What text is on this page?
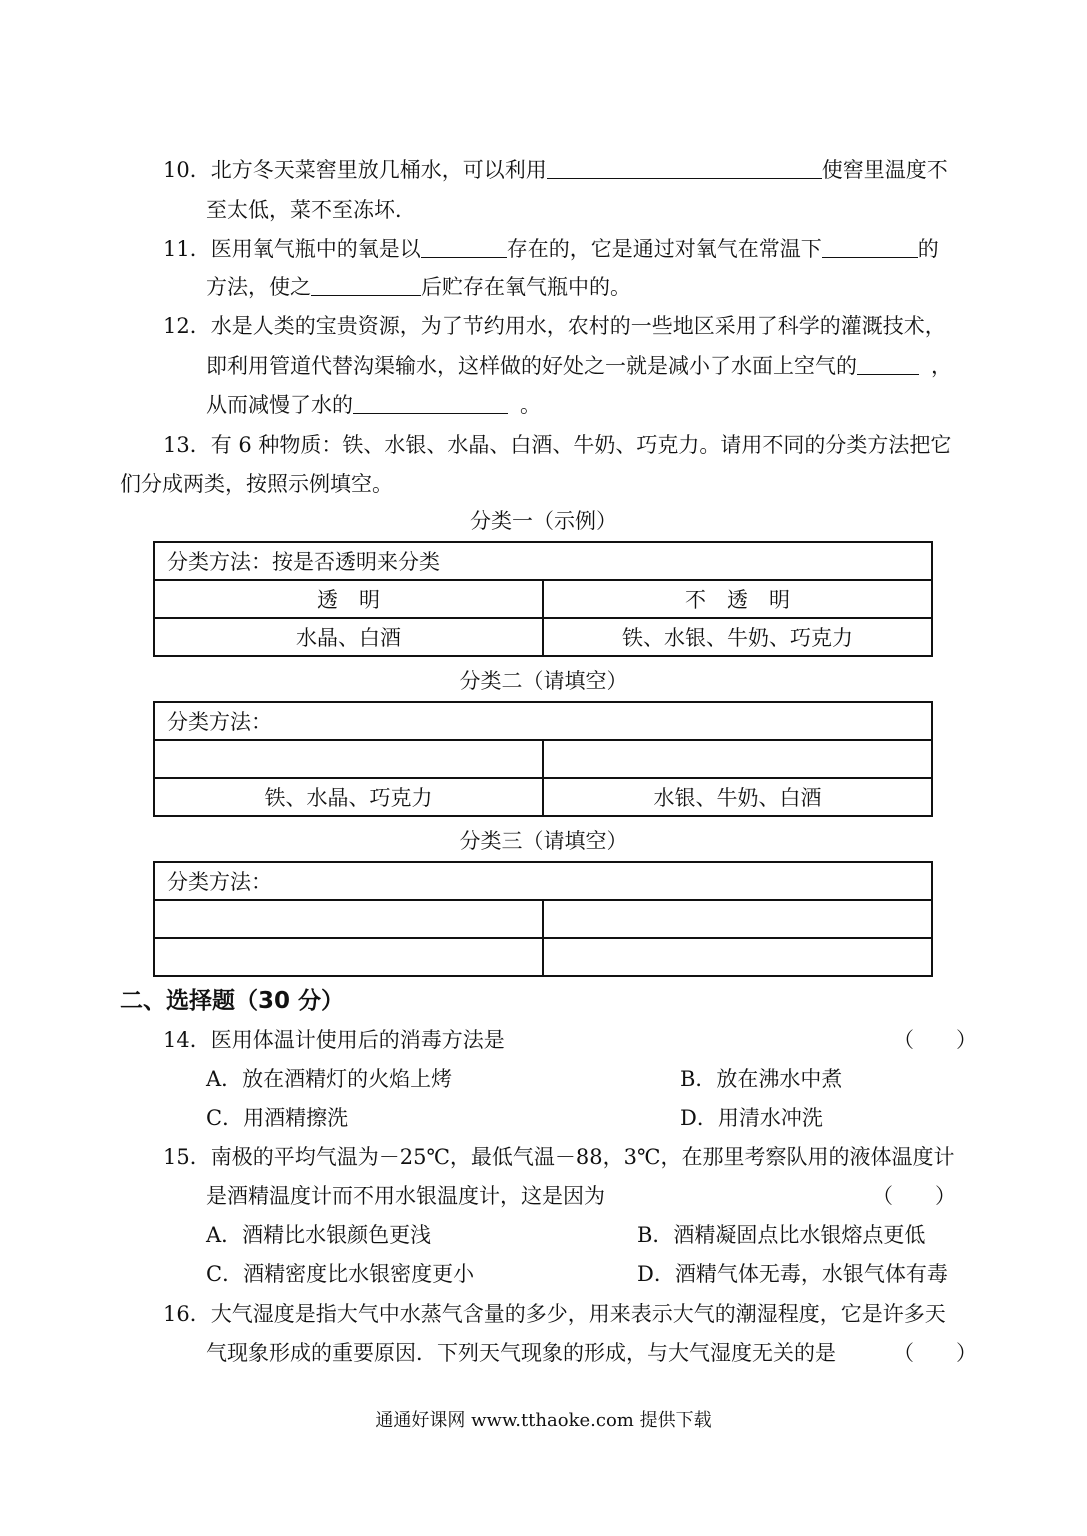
10．北方冬天菜窖里放几桶水，可以利用	使窖里温度不
至太低，菜不至冻坏．
11．医用氧气瓶中的氧是以	存在的，它是通过对氧气在常温下	的
方法，使之	后贮存在氧气瓶中的。
12．水是人类的宝贵资源，为了节约用水，农村的一些地区采用了科学的灌溉技术，
即利用管道代替沟渠输水，这样做的好处之一就是减小了水面上空气的	，
从而减慢了水的	。
13．有 6 种物质：铁、水银、水晶、白酒、牛奶、巧克力。请用不同的分类方法把它
们分成两类，按照示例填空。
分类一（示例）
分类方法：按是否透明来分类	
透　明	不　透　明
水晶、白酒	铁、水银、牛奶、巧克力
分类二（请填空）
分类方法：	

铁、水晶、巧克力	水银、牛奶、白酒
分类三（请填空）
分类方法：	

二、选择题（30 分）
14．医用体温计使用后的消毒方法是	（　　）
A．放在酒精灯的火焰上烤	B．放在沸水中煮
C．用酒精擦洗	D．用清水冲洗
15．南极的平均气温为－25℃，最低气温－88，3℃，在那里考察队用的液体温度计
是酒精温度计而不用水银温度计，这是因为	（　　）
A．酒精比水银颜色更浅	B．酒精凝固点比水银熔点更低
C．酒精密度比水银密度更小	D．酒精气体无毒，水银气体有毒
16．大气湿度是指大气中水蒸气含量的多少，用来表示大气的潮湿程度，它是许多天
气现象形成的重要原因．下列天气现象的形成，与大气湿度无关的是	（　　）
通通好课网 www.tthaoke.com 提供下载
